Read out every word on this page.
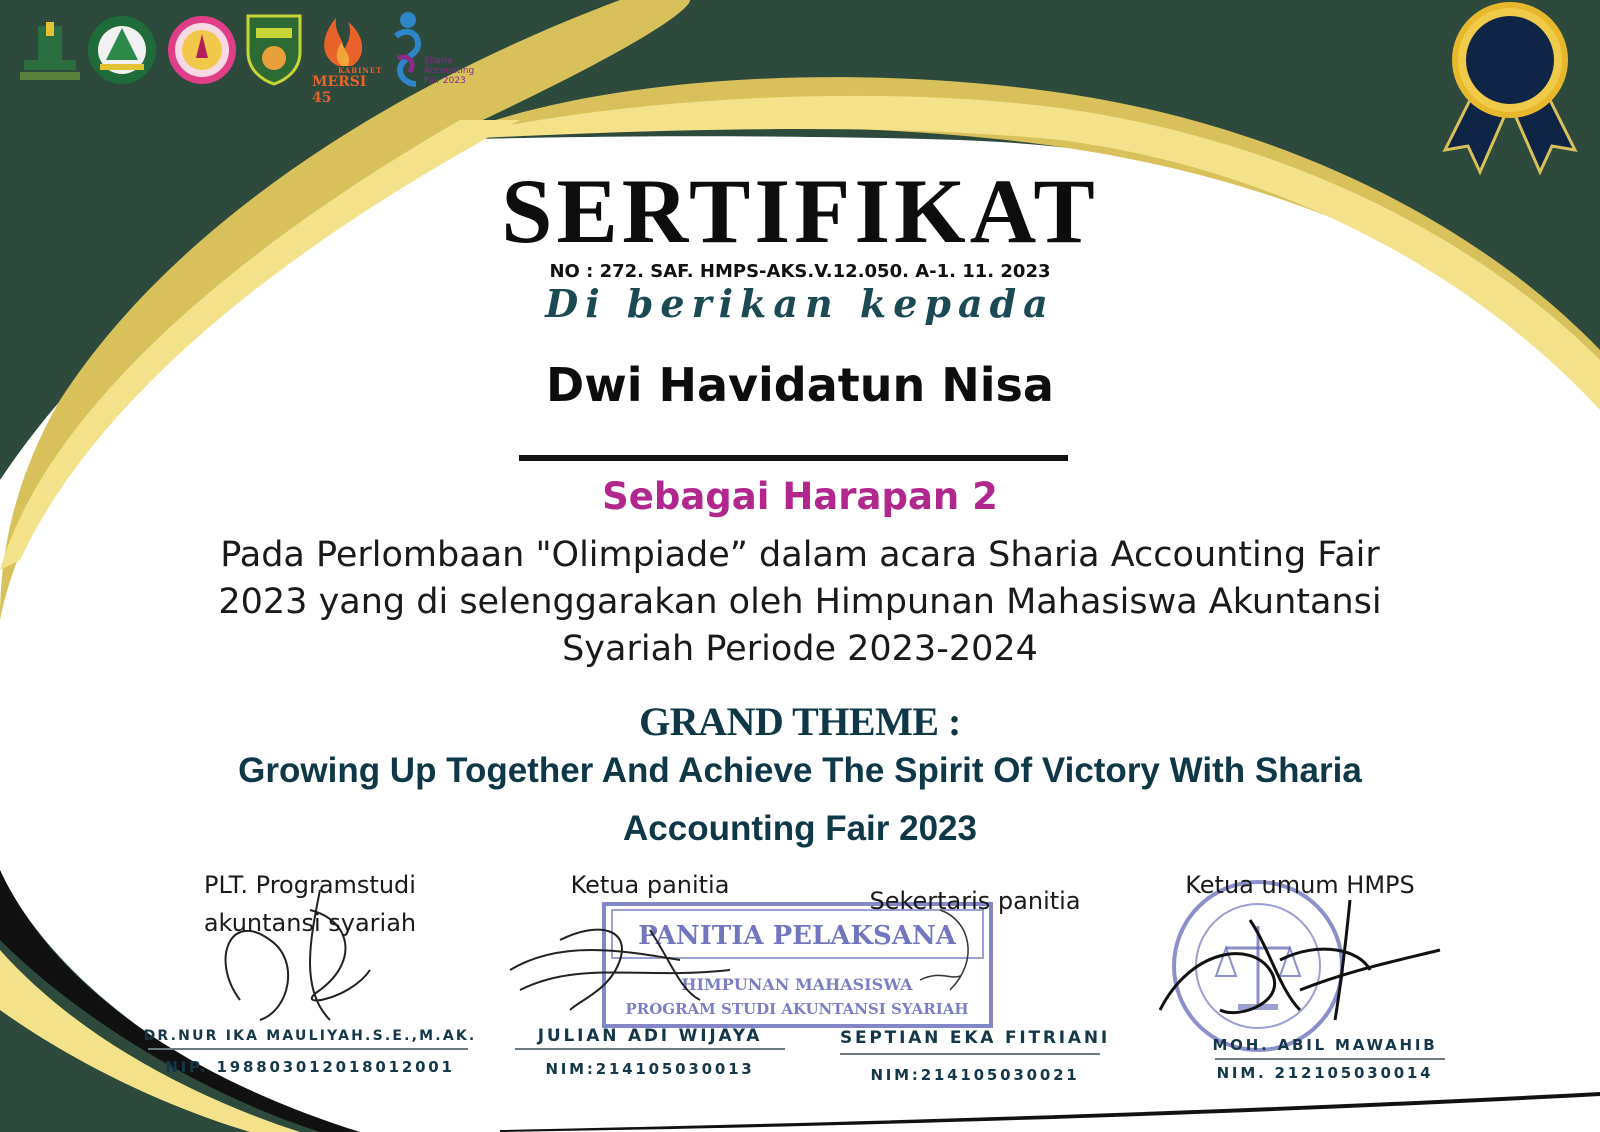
KABINET
MERSI 45
Sharia
Accounting
Fair 2023
SERTIFIKAT
NO : 272. SAF. HMPS-AKS.V.12.050. A-1. 11. 2023
Di berikan kepada
Dwi Havidatun Nisa
Sebagai Harapan 2
Pada Perlombaan "Olimpiade” dalam acara Sharia Accounting Fair 2023 yang di selenggarakan oleh Himpunan Mahasiswa Akuntansi Syariah Periode 2023-2024
GRAND THEME :
Growing Up Together And Achieve The Spirit Of Victory With Sharia Accounting Fair 2023
PANITIA PELAKSANA
HIMPUNAN MAHASISWA
PROGRAM STUDI AKUNTANSI SYARIAH
PLT. Programstudi
akuntansi syariah
DR.NUR IKA MAULIYAH.S.E.,M.AK.
NIP. 198803012018012001
Ketua panitia
JULIAN ADI WIJAYA
NIM:214105030013
Sekertaris panitia
SEPTIAN EKA FITRIANI
NIM:214105030021
Ketua umum HMPS
MOH. ABIL MAWAHIB
NIM. 212105030014
